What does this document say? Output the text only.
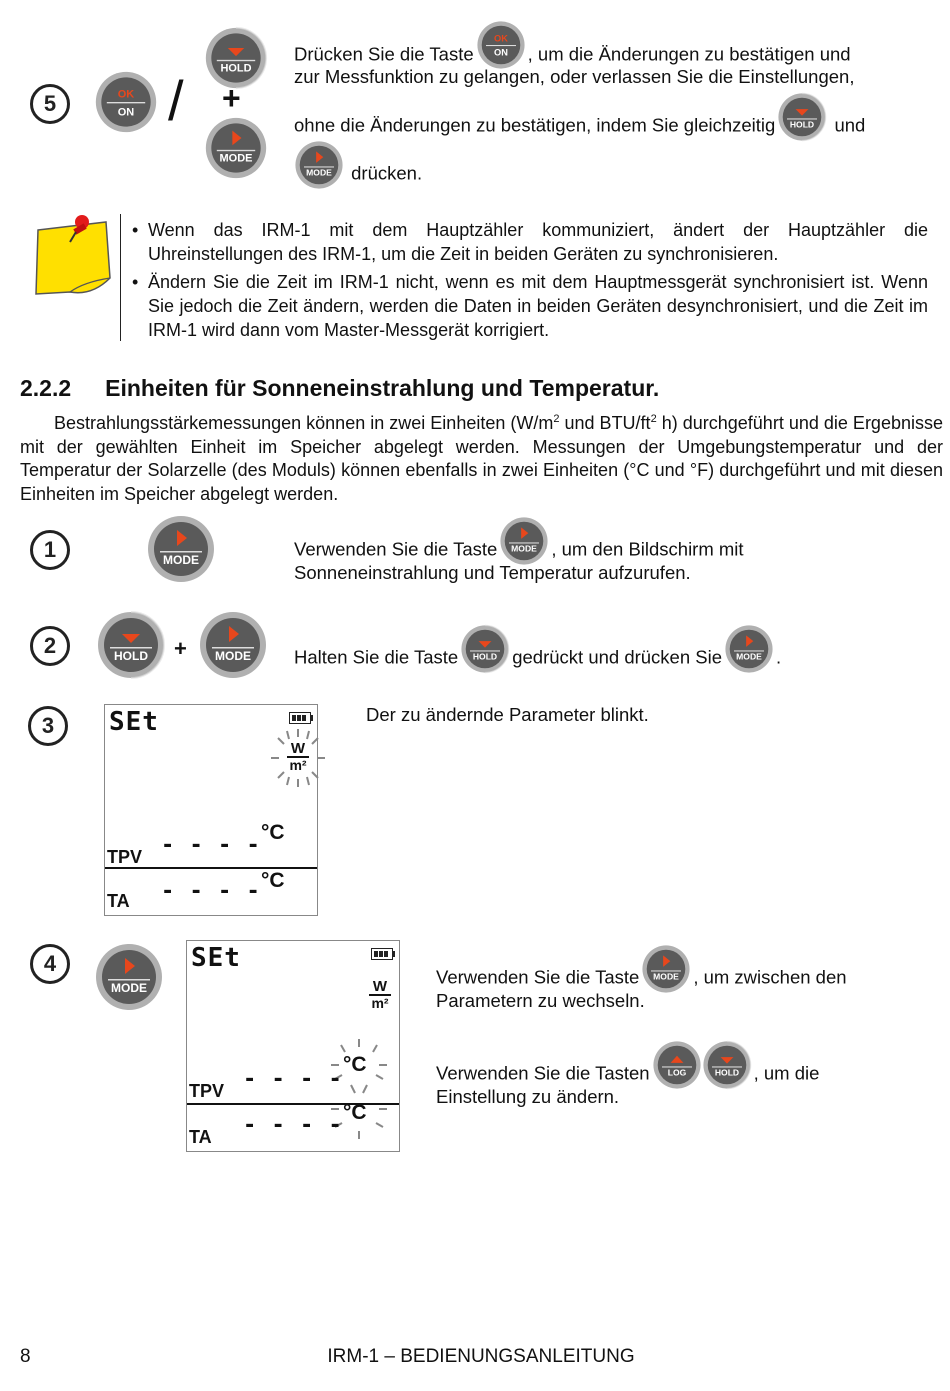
5	OK
ON /
HOLD
+
MODE
Drücken Sie die Taste
OK
ON , um die Änderungen zu bestätigen und
zur Messfunktion zu gelangen, oder verlassen Sie die Einstellungen,
ohne die Änderungen zu bestätigen, indem Sie gleichzeitig HOLD und
MODE drücken.
• Wenn das IRM-1 mit dem Hauptzähler kommuniziert, ändert der Hauptzähler die Uhreinstellungen des IRM-1, um die Zeit in beiden Geräten zu synchronisieren.
• Ändern Sie die Zeit im IRM-1 nicht, wenn es mit dem Hauptmessgerät synchronisiert ist. Wenn Sie jedoch die Zeit ändern, werden die Daten in beiden Geräten desynchronisiert, und die Zeit im IRM-1 wird dann vom Master-Messgerät korrigiert.
2.2.2 Einheiten für Sonneneinstrahlung und Temperatur.
Bestrahlungsstärkemessungen können in zwei Einheiten ($W/m^2$ und BTU/$ft^2$ h) durchgeführt und die Ergebnisse mit der gewählten Einheit im Speicher abgelegt werden. Messungen der Umgebungstemperatur und der Temperatur der Solarzelle (des Moduls) können ebenfalls in zwei Einheiten (°C und °F) durchgeführt und mit diesen Einheiten im Speicher abgelegt werden.
1	MODE
Verwenden Sie die Taste MODE , um den Bildschirm mit
Sonneneinstrahlung und Temperatur aufzurufen.
2	HOLD + MODE Halten Sie die Taste HOLD gedrückt und drücken Sie MODE .
3	SEt
W
m²
°C
- - - -
TPV
°C
- - - -
TA
Der zu ändernde Parameter blinkt.
4
MODE
SEt
W
m²
°C
- - - -
TPV
°C
- - - -
TA
Verwenden Sie die Taste MODE , um zwischen den
Parametern zu wechseln.
Verwenden Sie die Tasten LOG HOLD , um die
Einstellung zu ändern.
8	IRM-1 – BEDIENUNGSANLEITUNG
